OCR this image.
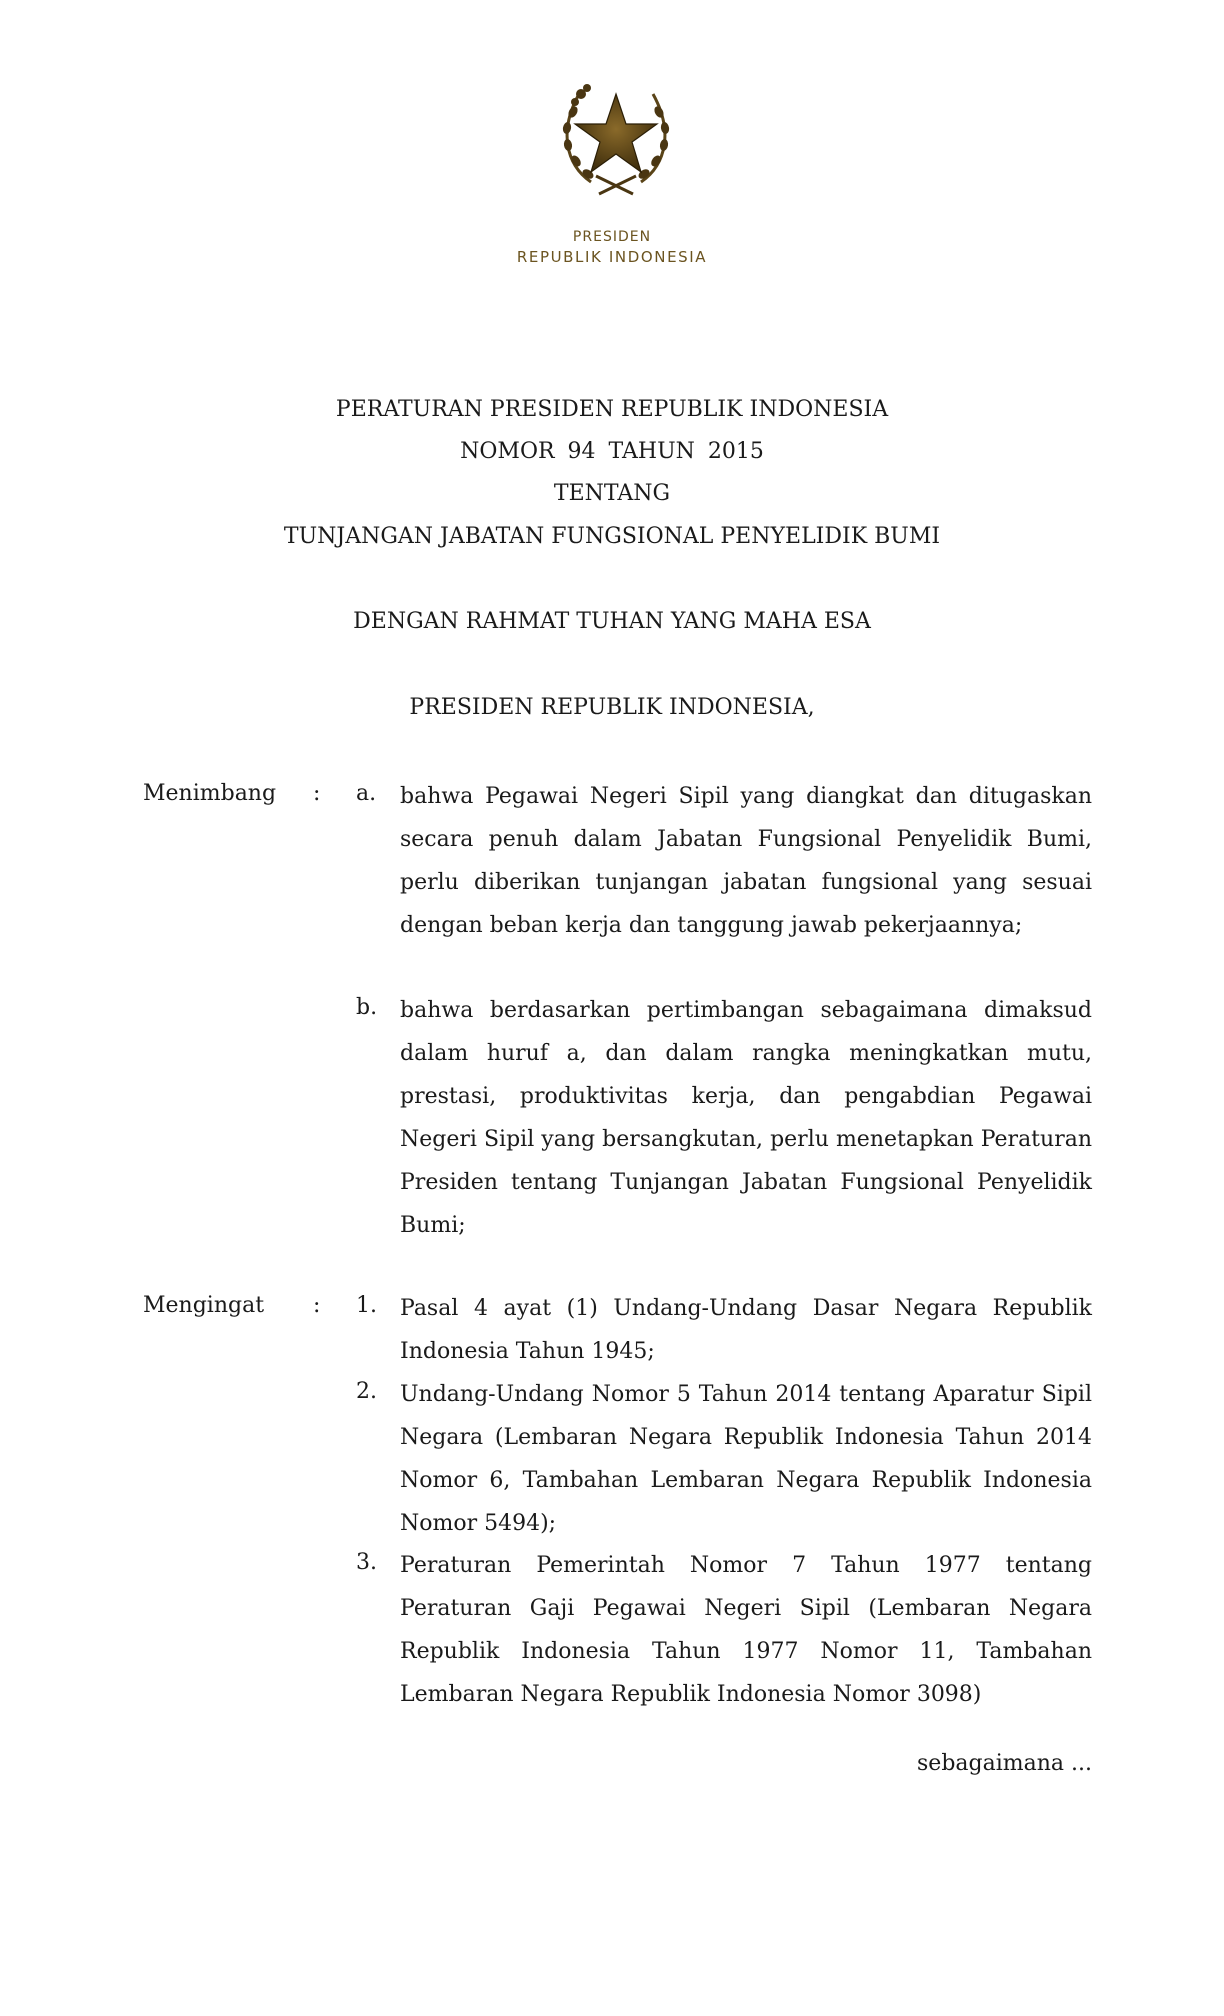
PRESIDEN
REPUBLIK INDONESIA
PERATURAN PRESIDEN REPUBLIK INDONESIA
NOMOR 94 TAHUN 2015
TENTANG
TUNJANGAN JABATAN FUNGSIONAL PENYELIDIK BUMI
DENGAN RAHMAT TUHAN YANG MAHA ESA
PRESIDEN REPUBLIK INDONESIA,
Menimbang : a. bahwa Pegawai Negeri Sipil yang diangkat dan ditugaskan secara penuh dalam Jabatan Fungsional Penyelidik Bumi, perlu diberikan tunjangan jabatan fungsional yang sesuai dengan beban kerja dan tanggung jawab pekerjaannya;

b. bahwa berdasarkan pertimbangan sebagaimana dimaksud dalam huruf a, dan dalam rangka meningkatkan mutu, prestasi, produktivitas kerja, dan pengabdian Pegawai Negeri Sipil yang bersangkutan, perlu menetapkan Peraturan Presiden tentang Tunjangan Jabatan Fungsional Penyelidik Bumi;

Mengingat : 1. Pasal 4 ayat (1) Undang-Undang Dasar Negara Republik Indonesia Tahun 1945;

2. Undang-Undang Nomor 5 Tahun 2014 tentang Aparatur Sipil Negara (Lembaran Negara Republik Indonesia Tahun 2014 Nomor 6, Tambahan Lembaran Negara Republik Indonesia Nomor 5494);

3. Peraturan Pemerintah Nomor 7 Tahun 1977 tentang Peraturan Gaji Pegawai Negeri Sipil (Lembaran Negara Republik Indonesia Tahun 1977 Nomor 11, Tambahan Lembaran Negara Republik Indonesia Nomor 3098)

sebagaimana ...
